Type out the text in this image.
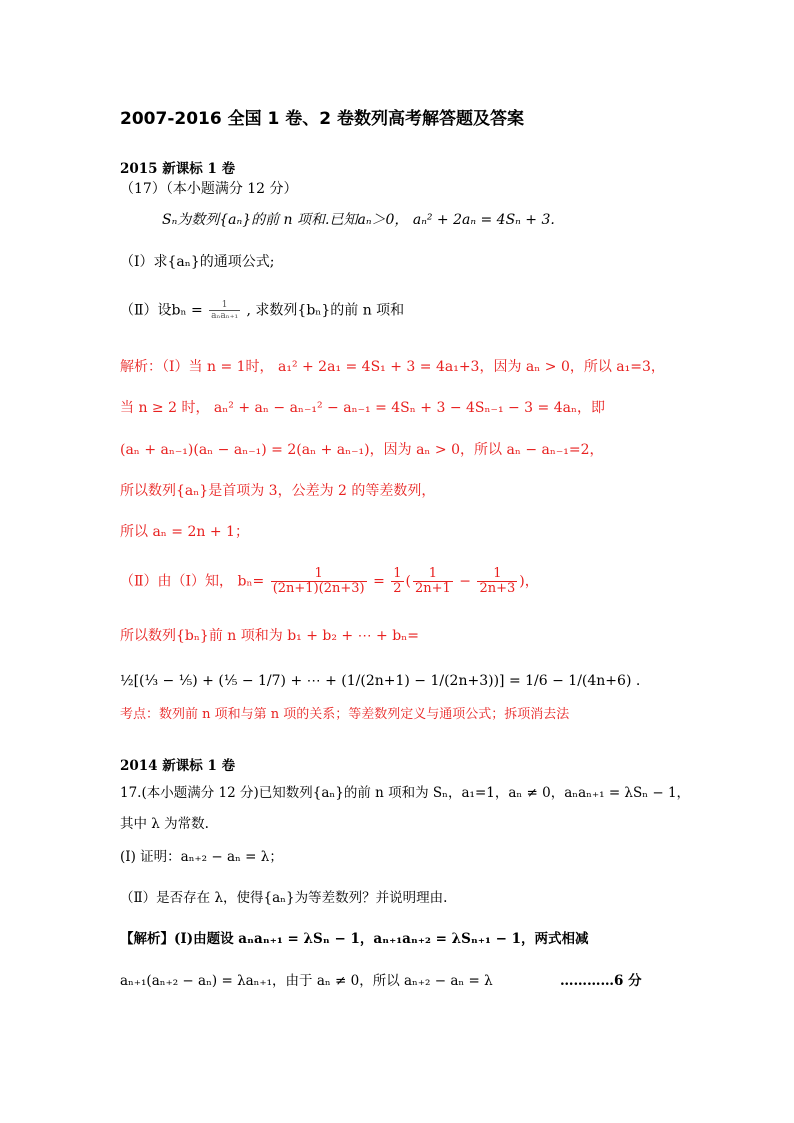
2007-2016 全国 1 卷、2 卷数列高考解答题及答案
2015 新课标 1 卷
（17）（本小题满分 12 分）
Sₙ为数列{aₙ}的前 n 项和.已知aₙ＞0， aₙ² + 2aₙ = 4Sₙ + 3.
（Ⅰ）求{aₙ}的通项公式;
（Ⅱ）设$b_n = \frac{1}{\text{aₙaₙ₊₁}}$ , 求数列{bₙ}的前 n 项和
解析：（Ⅰ）当 n = 1时， a₁² + 2a₁ = 4S₁ + 3 = 4a₁+3，因为 aₙ > 0，所以 a₁=3，
当 n ≥ 2 时， aₙ² + aₙ − aₙ₋₁² − aₙ₋₁ = 4Sₙ + 3 − 4Sₙ₋₁ − 3 = 4aₙ，即
(aₙ + aₙ₋₁)(aₙ − aₙ₋₁) = 2(aₙ + aₙ₋₁)，因为 aₙ > 0，所以 aₙ − aₙ₋₁=2，
所以数列{aₙ}是首项为 3，公差为 2 的等差数列，
所以 aₙ = 2n + 1；
（Ⅱ）由（Ⅰ）知， $b_n= \frac{1}{(2n+1)(2n+3)} = \frac{1}{2}$ ( $\frac{1}{2n+1} - \frac{1}{2n+3}$ )，
所以数列{bₙ}前 n 项和为 b₁ + b₂ + ⋯ + bₙ=
½[(⅓ − ⅕) + (⅕ − 1/7) + ⋯ + (1/(2n+1) − 1/(2n+3))] = 1/6 − 1/(4n+6) .
考点：数列前 n 项和与第 n 项的关系；等差数列定义与通项公式；拆项消去法
2014 新课标 1 卷
17.(本小题满分 12 分)已知数列{aₙ}的前 n 项和为 Sₙ，a₁=1，aₙ ≠ 0，aₙaₙ₊₁ = λSₙ − 1，
其中 λ 为常数.
(Ⅰ) 证明：aₙ₊₂ − aₙ = λ；
（Ⅱ）是否存在 λ，使得{aₙ}为等差数列？并说明理由.
【解析】(Ⅰ)由题设 aₙaₙ₊₁ = λSₙ − 1，aₙ₊₁aₙ₊₂ = λSₙ₊₁ − 1，两式相减
aₙ₊₁(aₙ₊₂ − aₙ) = λaₙ₊₁，由于 aₙ ≠ 0，所以 aₙ₊₂ − aₙ = λ	…………6 分
